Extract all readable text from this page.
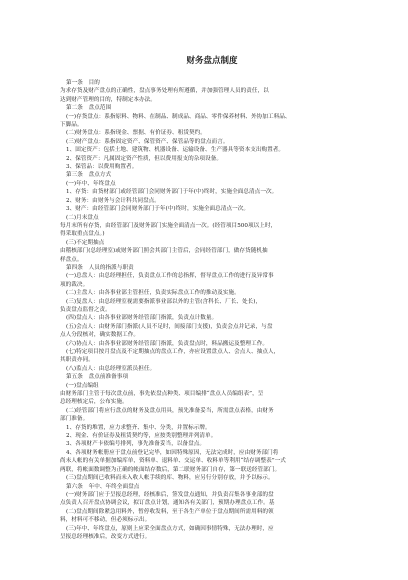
财务盘点制度
第一条　目的
为求存货及财产盘点的正确性，盘点事务处理有所遵循，并加强管理人员的责任，以
达到财产管理的目的，特制定本办法。
第二条　盘点范围
(一)存货盘点：系指原料、物料、在制品、制成品、商品、零件保养材料、外协加工料品、
下脚品。
(二)财务盘点：系指现金、票据、有价证券、租赁契约。
(三)财产盘点：系指固定资产、保管资产、保管品等的盘点而言。
1、固定资产：包括土地、建筑物、机器设备、运输设备、生产器具等资本支出购置者。
2、保管资产：凡属固定资产性质，但以费用报支的杂项设备。
3、保管品：以费用购置者。
第三条　盘点方式
(一)年中、年终盘点
1、存货：由货材部门或经管部门会同财务部门于年(中)终时，实施全面总清点一次。
2、财务：由财务与会计科共同盘点。
3、财产：由经管部门会同财务部门于年(中)终时，实施全面总清点一次。
(二)月末盘点
每月末所有存货，由经管部门及财务部门实施全面清点一次。(经管项目500项以上时，
得采取重点盘点。)
(三)不定期抽点
由稽核部门(总经理室)或财务部门照会其部门主管后，会同经管部门，做存货随机抽
样盘点。
第四条　人员的指派与职责
(一)总盘人：由总经理担任，负责盘点工作的总指挥，督导盘点工作的进行及异常事
项的裁决。
(二)主盘人：由各事业部主管担任，负责实际盘点工作的推动及实施。
(三)复盘人：由总经理室视需要指派事业部以外的主管(含科长、厂长、处长)，
负责盘点监督之责。
(四)盘点人：由各事业部财务经管部门指派，负责点计数量。
(五)会点人：由财务部门指派(人员不足时，间接部门支援)，负责会点并记录，与盘
点人分段核对，确实数据工作。
(六)协点人：由各事业部财务经管部门指派，负责盘点时，料品搬运及整理工作。
(七)特定项目按月盘点及不定期抽点的盘点工作，亦应设置盘点人、会点人、抽点人，
其职责亦同。
(八)监点人：由总经理室派员担任。
第五条　盘点前准备事项
(一)盘点编组
由财务部门主管于每次盘点前，事先依盘点种类、项目编排“盘点人员编组表”，呈
总经理核定后，公布实施。
(二)经管部门将应行盘点的财务及盘点用具，预先准备妥当，所需盘点表格，由财务
部门准备。
1、存货的堆置，应力求整齐、集中、分类，并置标示牌。
2、现金、有价证券及租赁契约等，应按类别整理并列清单。
3、各项财产卡依编号排列，事先准备妥当，以备盘点。
4、各项财务帐册应于盘点前登记完毕，如因特殊原因，无法完成时，应由财务部门将
尚未人帐的有关单据加编库单，资料单、退料单、交运单、收料单等利用“结存调整表”一式
两联，将帐面数调整为正确的帐面结存数后，第二联财务部门自存，第一联送经管部门。
(三)盘点期间已收料而未入收人帐手续的库、物料，应另行分别存放，并予以标示。
第六条　年中、年终全面盘点
(一)财务部门应于呈报总经理，经核准后，签发盘点通知，并负责召集各事业部的盘
点负责人召开盘点协调会议，拟订盘点计划，通知各有关部门，预期办理盘点工作。基
(二)盘点期间除紧急用料外，暂停收发料，至于各生产单位于盘点期间所需用料的领
料，材料可不移动，但必须标示出。
(三)年中、年终盘点，原则上应采全面盘点方式，如确因事情特殊，无法办理时，应
呈报总经理核准后，改变方式进行。
